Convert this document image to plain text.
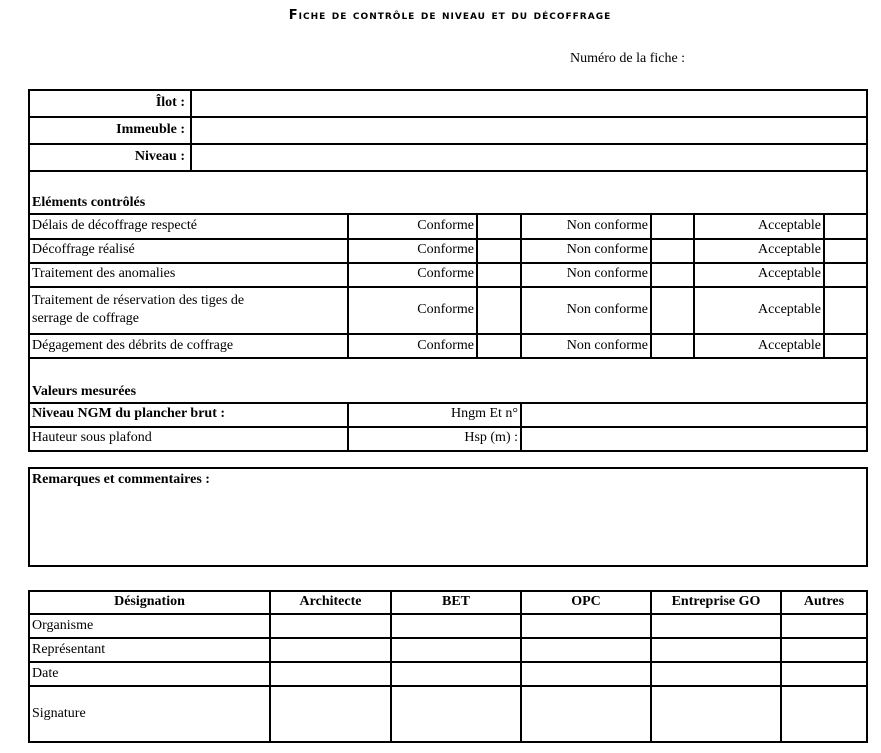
Fiche de contrôle de niveau et du décoffrage
Numéro de la fiche :
Îlot :
Immeuble :
Niveau :
Eléments contrôlés
Délais de décoffrage respecté	Conforme	Non conforme	Acceptable
Décoffrage réalisé	Conforme	Non conforme	Acceptable
Traitement des anomalies	Conforme	Non conforme	Acceptable
Traitement de réservation des tiges de
serrage de coffrage
Conforme	Non conforme	Acceptable
Dégagement des débrits de coffrage	Conforme	Non conforme	Acceptable
Valeurs mesurées
Niveau NGM du plancher brut :	Hngm Et n°
Hauteur sous plafond	Hsp (m) :
Remarques et commentaires :
Désignation	Architecte	BET	OPC	Entreprise GO	Autres
Organisme
Représentant
Date
Signature
